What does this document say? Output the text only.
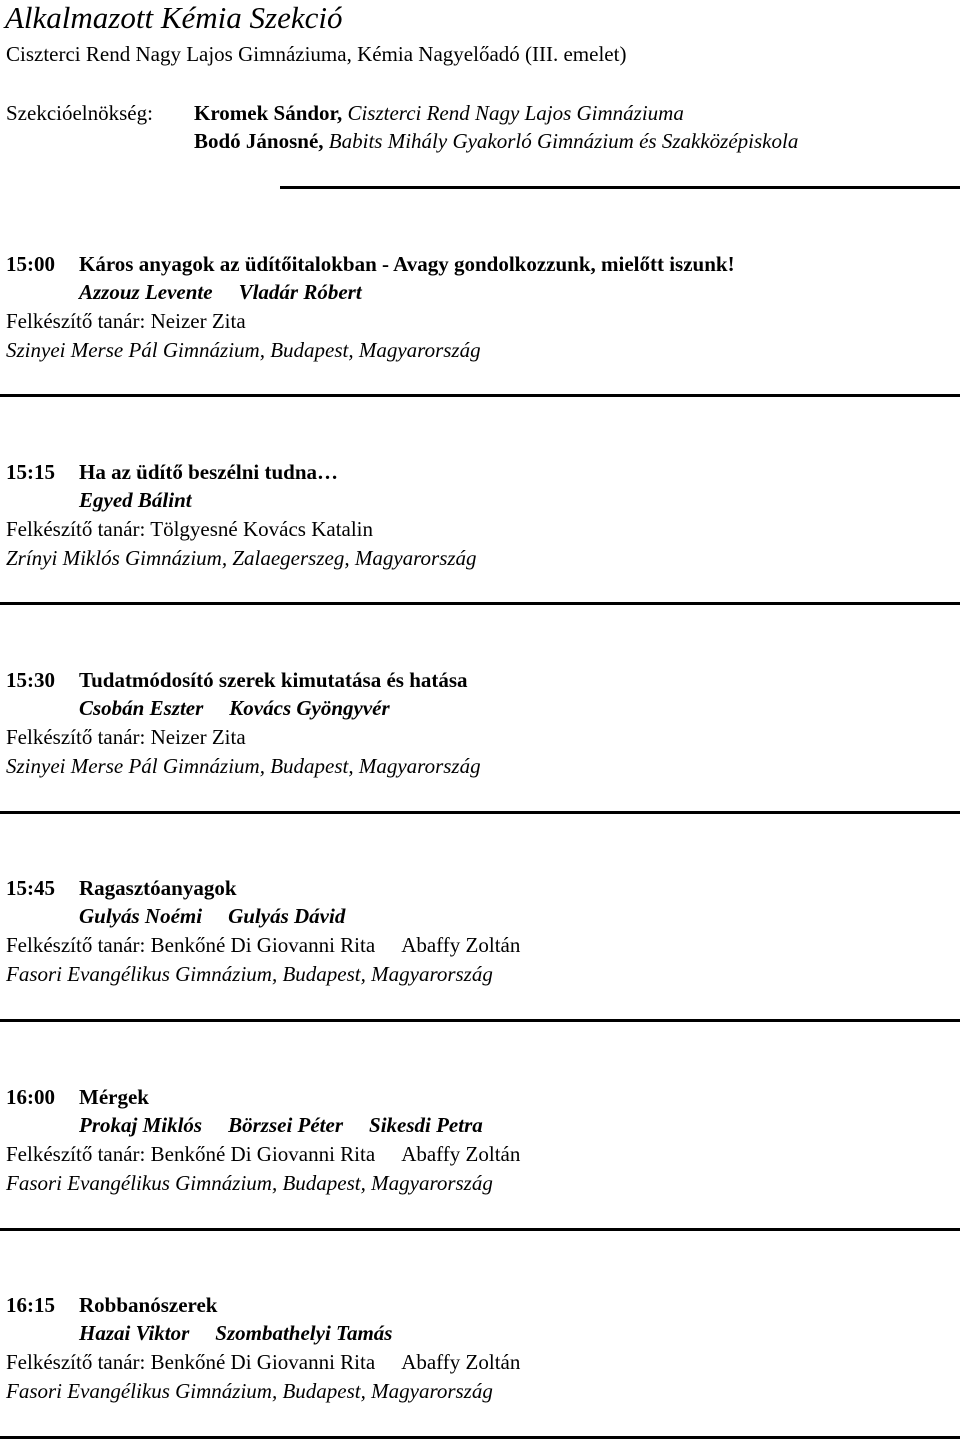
Alkalmazott Kémia Szekció
Ciszterci Rend Nagy Lajos Gimnáziuma, Kémia Nagyelőadó (III. emelet)
Szekcióelnökség: Kromek Sándor, Ciszterci Rend Nagy Lajos Gimnáziuma
Bodó Jánosné, Babits Mihály Gyakorló Gimnázium és Szakközépiskola
15:00 Káros anyagok az üdítőitalokban - Avagy gondolkozzunk, mielőtt iszunk!
Azzouz Levente Vladár Róbert
Felkészítő tanár: Neizer Zita
Szinyei Merse Pál Gimnázium, Budapest, Magyarország
15:15 Ha az üdítő beszélni tudna…
Egyed Bálint
Felkészítő tanár: Tölgyesné Kovács Katalin
Zrínyi Miklós Gimnázium, Zalaegerszeg, Magyarország
15:30 Tudatmódosító szerek kimutatása és hatása
Csobán Eszter Kovács Gyöngyvér
Felkészítő tanár: Neizer Zita
Szinyei Merse Pál Gimnázium, Budapest, Magyarország
15:45 Ragasztóanyagok
Gulyás Noémi Gulyás Dávid
Felkészítő tanár: Benkőné Di Giovanni Rita Abaffy Zoltán
Fasori Evangélikus Gimnázium, Budapest, Magyarország
16:00 Mérgek
Prokaj Miklós Börzsei Péter Sikesdi Petra
Felkészítő tanár: Benkőné Di Giovanni Rita Abaffy Zoltán
Fasori Evangélikus Gimnázium, Budapest, Magyarország
16:15 Robbanószerek
Hazai Viktor Szombathelyi Tamás
Felkészítő tanár: Benkőné Di Giovanni Rita Abaffy Zoltán
Fasori Evangélikus Gimnázium, Budapest, Magyarország
